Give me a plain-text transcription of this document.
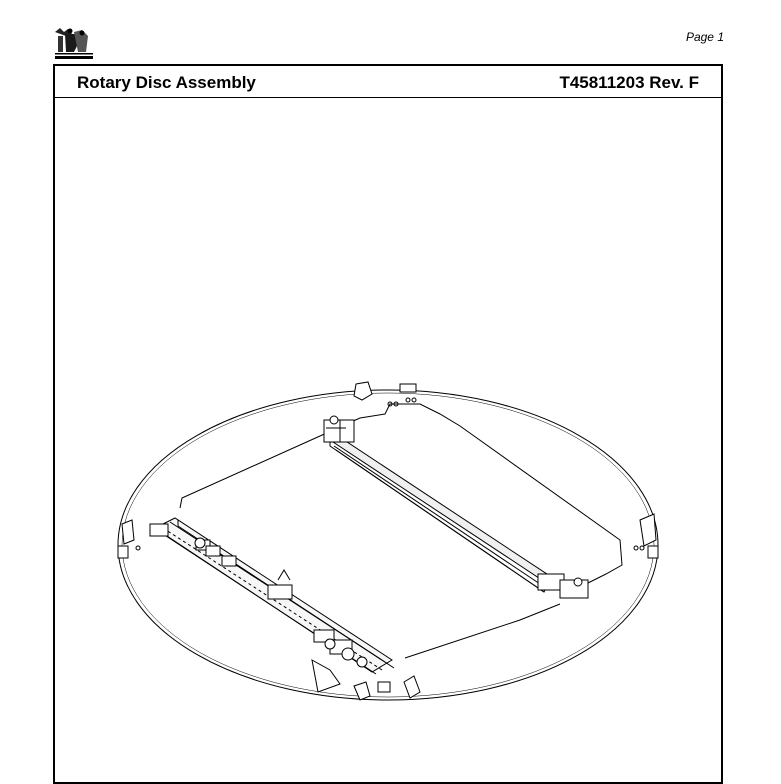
Page 1
Rotary Disc Assembly	T45811203 Rev. F
